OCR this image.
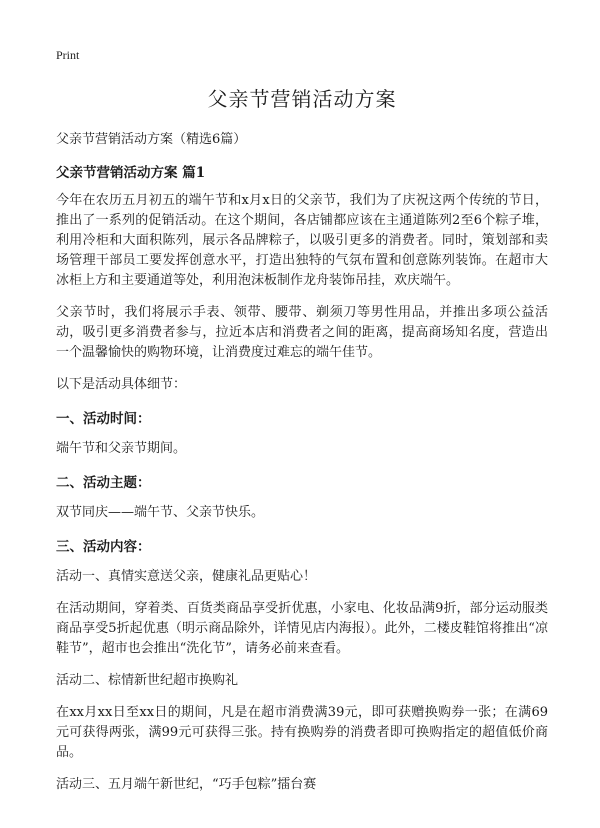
Print
父亲节营销活动方案
父亲节营销活动方案（精选6篇）
父亲节营销活动方案 篇1

今年在农历五月初五的端午节和x月x日的父亲节，我们为了庆祝这两个传统的节日，推出了一系列的促销活动。在这个期间，各店铺都应该在主通道陈列2至6个粽子堆，利用冷柜和大面积陈列，展示各品牌粽子，以吸引更多的消费者。同时，策划部和卖场管理干部员工要发挥创意水平，打造出独特的气氛布置和创意陈列装饰。在超市大冰柜上方和主要通道等处，利用泡沫板制作龙舟装饰吊挂，欢庆端午。

父亲节时，我们将展示手表、领带、腰带、剃须刀等男性用品，并推出多项公益活动，吸引更多消费者参与，拉近本店和消费者之间的距离，提高商场知名度，营造出一个温馨愉快的购物环境，让消费度过难忘的端午佳节。

以下是活动具体细节：

一、活动时间：

端午节和父亲节期间。

二、活动主题：

双节同庆——端午节、父亲节快乐。

三、活动内容：

活动一、真情实意送父亲，健康礼品更贴心！

在活动期间，穿着类、百货类商品享受折优惠，小家电、化妆品满9折，部分运动服类商品享受5折起优惠（明示商品除外，详情见店内海报）。此外，二楼皮鞋馆将推出“凉鞋节”，超市也会推出“洗化节”，请务必前来查看。

活动二、棕情新世纪超市换购礼

在xx月xx日至xx日的期间，凡是在超市消费满39元，即可获赠换购券一张；在满69元可获得两张，满99元可获得三张。持有换购券的消费者即可换购指定的超值低价商品。

活动三、五月端午新世纪，“巧手包粽”擂台赛
